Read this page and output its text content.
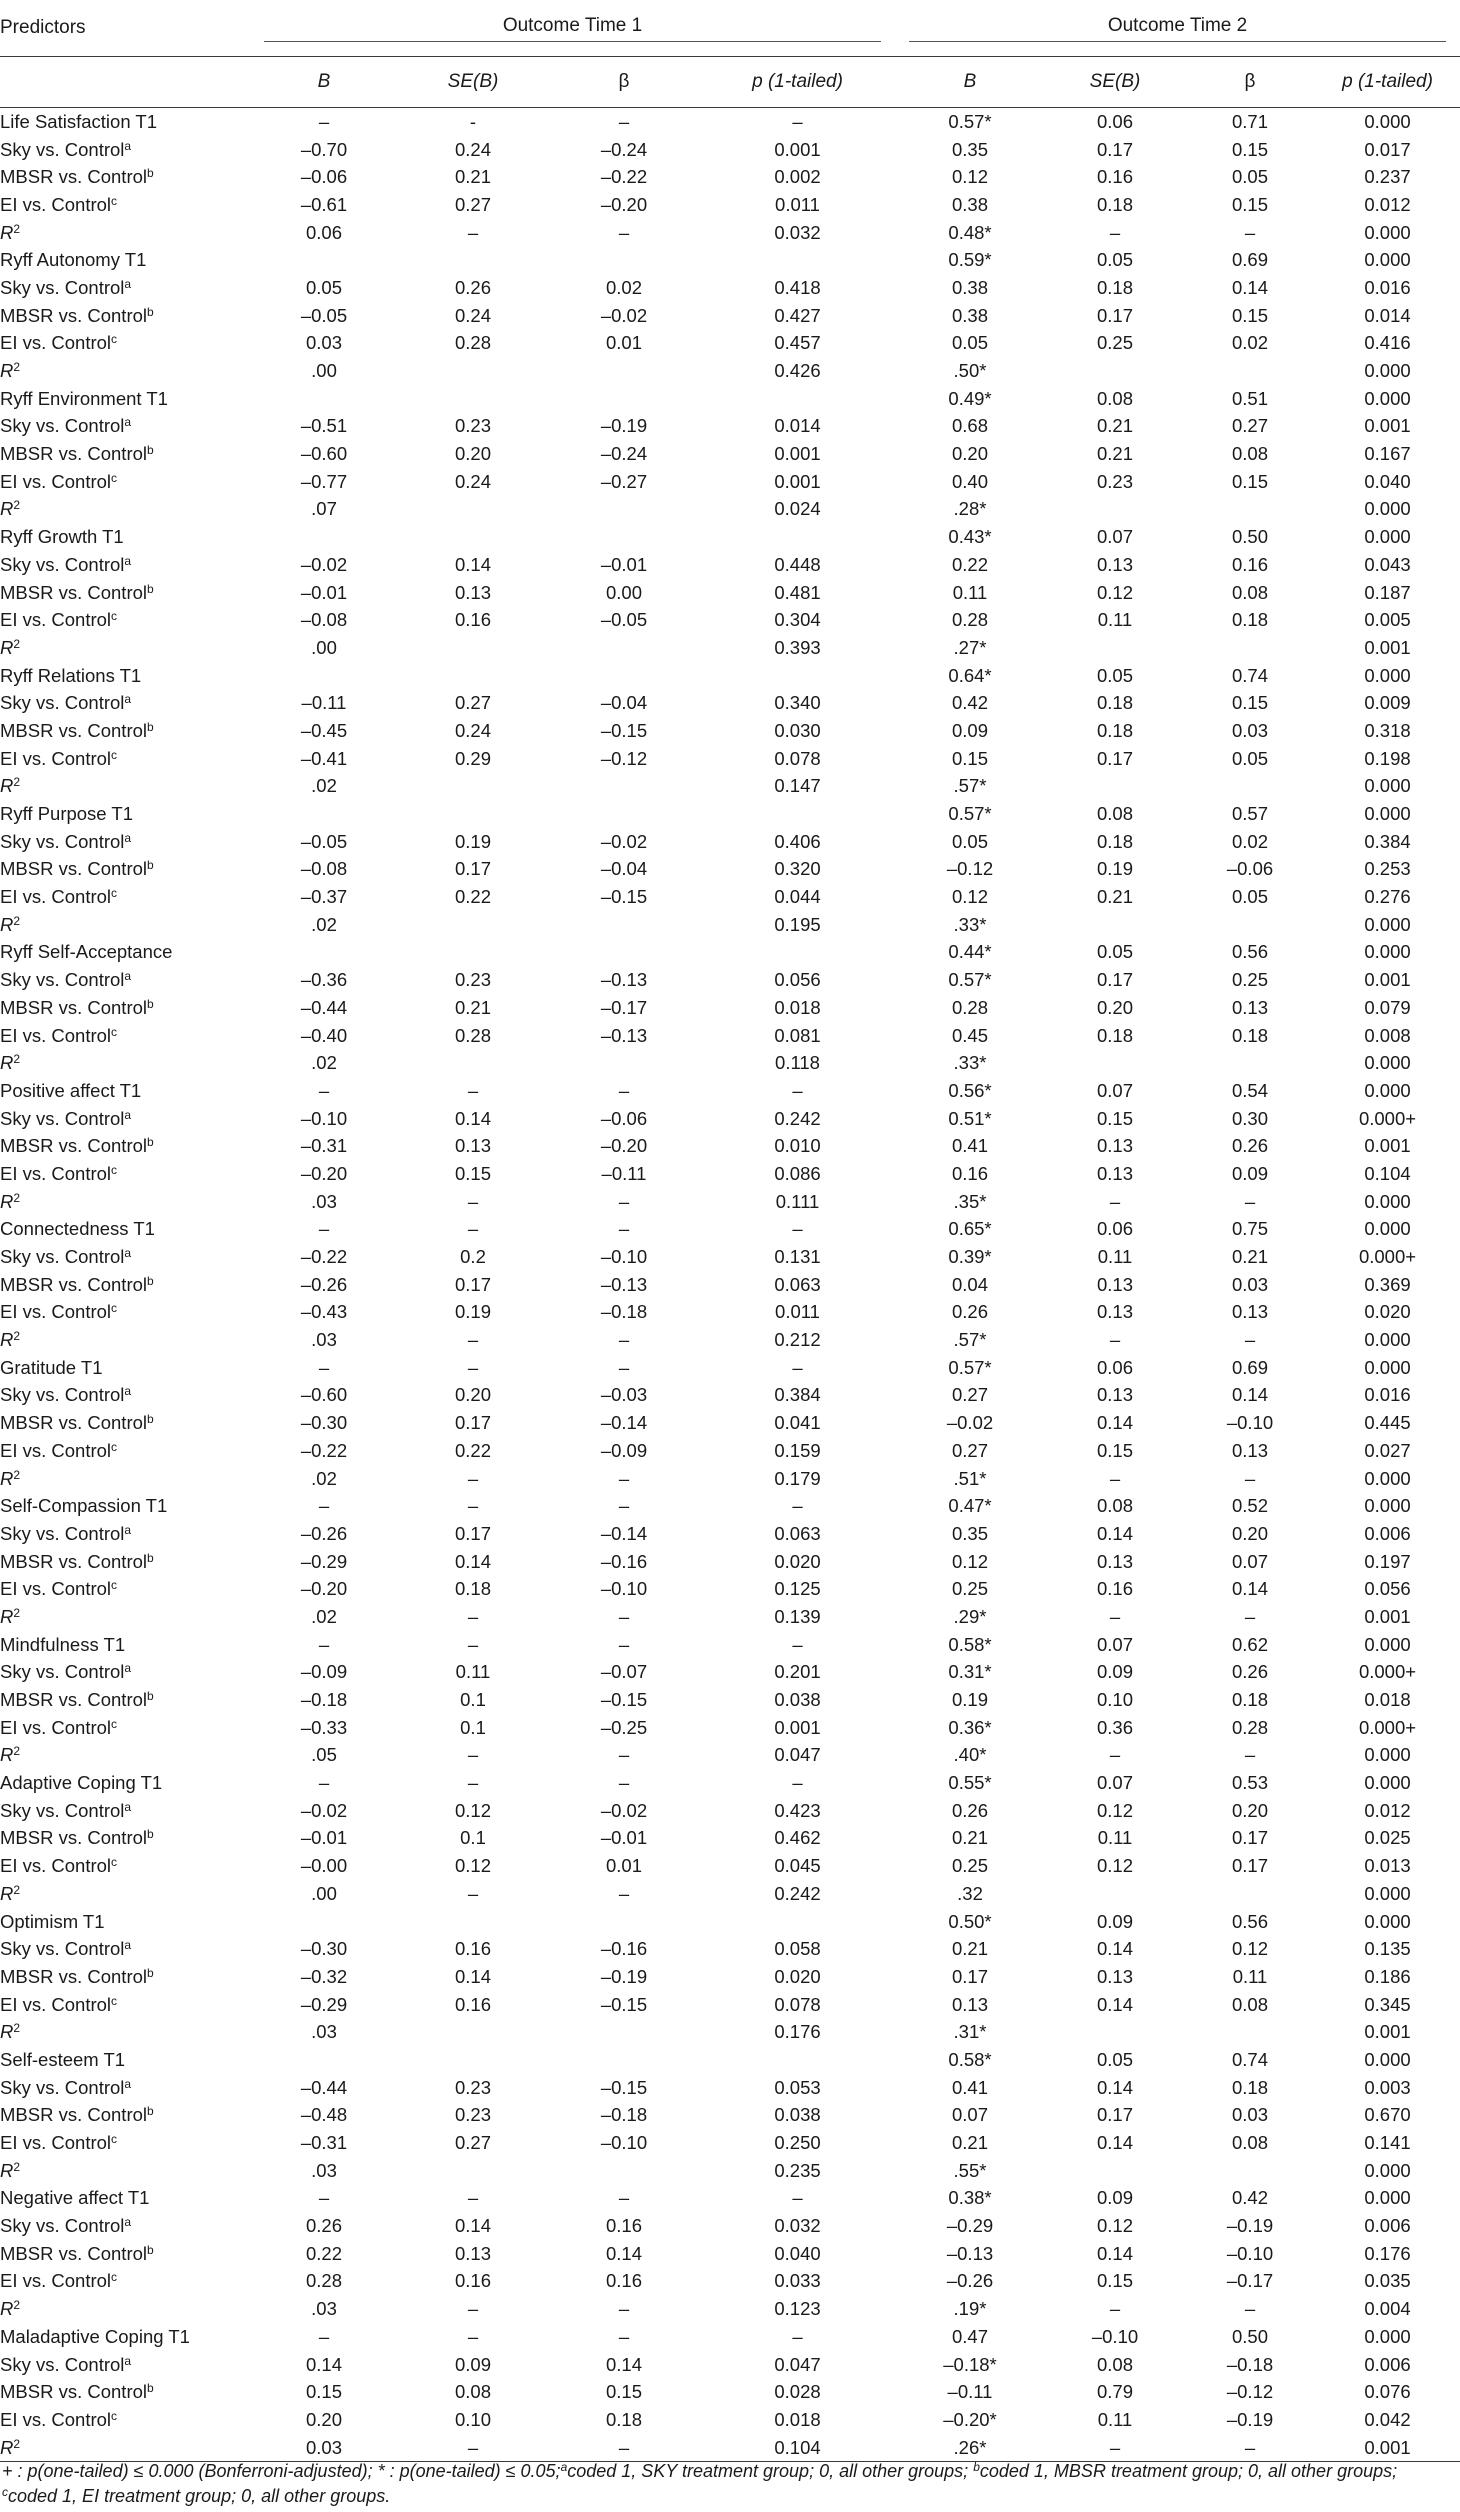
Predictors	Outcome Time 1				Outcome Time 2			

	B	SE(B)	β	p (1-tailed)	B	SE(B)	β	p (1-tailed)
Life Satisfaction T1	–	-	–	–	0.57*	0.06	0.71	0.000
Sky vs. Control$^a$	–0.70	0.24	–0.24	0.001	0.35	0.17	0.15	0.017
MBSR vs. Control$^b$	–0.06	0.21	–0.22	0.002	0.12	0.16	0.05	0.237
EI vs. Control$^c$	–0.61	0.27	–0.20	0.011	0.38	0.18	0.15	0.012
$R^2$	0.06	–	–	0.032	0.48*	–	–	0.000
Ryff Autonomy T1					0.59*	0.05	0.69	0.000
Sky vs. Control$^a$	0.05	0.26	0.02	0.418	0.38	0.18	0.14	0.016
MBSR vs. Control$^b$	–0.05	0.24	–0.02	0.427	0.38	0.17	0.15	0.014
EI vs. Control$^c$	0.03	0.28	0.01	0.457	0.05	0.25	0.02	0.416
$R^2$	.00			0.426	.50*			0.000
Ryff Environment T1					0.49*	0.08	0.51	0.000
Sky vs. Control$^a$	–0.51	0.23	–0.19	0.014	0.68	0.21	0.27	0.001
MBSR vs. Control$^b$	–0.60	0.20	–0.24	0.001	0.20	0.21	0.08	0.167
EI vs. Control$^c$	–0.77	0.24	–0.27	0.001	0.40	0.23	0.15	0.040
$R^2$	.07			0.024	.28*			0.000
Ryff Growth T1					0.43*	0.07	0.50	0.000
Sky vs. Control$^a$	–0.02	0.14	–0.01	0.448	0.22	0.13	0.16	0.043
MBSR vs. Control$^b$	–0.01	0.13	0.00	0.481	0.11	0.12	0.08	0.187
EI vs. Control$^c$	–0.08	0.16	–0.05	0.304	0.28	0.11	0.18	0.005
$R^2$	.00			0.393	.27*			0.001
Ryff Relations T1					0.64*	0.05	0.74	0.000
Sky vs. Control$^a$	–0.11	0.27	–0.04	0.340	0.42	0.18	0.15	0.009
MBSR vs. Control$^b$	–0.45	0.24	–0.15	0.030	0.09	0.18	0.03	0.318
EI vs. Control$^c$	–0.41	0.29	–0.12	0.078	0.15	0.17	0.05	0.198
$R^2$	.02			0.147	.57*			0.000
Ryff Purpose T1					0.57*	0.08	0.57	0.000
Sky vs. Control$^a$	–0.05	0.19	–0.02	0.406	0.05	0.18	0.02	0.384
MBSR vs. Control$^b$	–0.08	0.17	–0.04	0.320	–0.12	0.19	–0.06	0.253
EI vs. Control$^c$	–0.37	0.22	–0.15	0.044	0.12	0.21	0.05	0.276
$R^2$	.02			0.195	.33*			0.000
Ryff Self-Acceptance					0.44*	0.05	0.56	0.000
Sky vs. Control$^a$	–0.36	0.23	–0.13	0.056	0.57*	0.17	0.25	0.001
MBSR vs. Control$^b$	–0.44	0.21	–0.17	0.018	0.28	0.20	0.13	0.079
EI vs. Control$^c$	–0.40	0.28	–0.13	0.081	0.45	0.18	0.18	0.008
$R^2$	.02			0.118	.33*			0.000
Positive affect T1	–	–	–	–	0.56*	0.07	0.54	0.000
Sky vs. Control$^a$	–0.10	0.14	–0.06	0.242	0.51*	0.15	0.30	0.000+
MBSR vs. Control$^b$	–0.31	0.13	–0.20	0.010	0.41	0.13	0.26	0.001
EI vs. Control$^c$	–0.20	0.15	–0.11	0.086	0.16	0.13	0.09	0.104
$R^2$	.03	–	–	0.111	.35*	–	–	0.000
Connectedness T1	–	–	–	–	0.65*	0.06	0.75	0.000
Sky vs. Control$^a$	–0.22	0.2	–0.10	0.131	0.39*	0.11	0.21	0.000+
MBSR vs. Control$^b$	–0.26	0.17	–0.13	0.063	0.04	0.13	0.03	0.369
EI vs. Control$^c$	–0.43	0.19	–0.18	0.011	0.26	0.13	0.13	0.020
$R^2$	.03	–	–	0.212	.57*	–	–	0.000
Gratitude T1	–	–	–	–	0.57*	0.06	0.69	0.000
Sky vs. Control$^a$	–0.60	0.20	–0.03	0.384	0.27	0.13	0.14	0.016
MBSR vs. Control$^b$	–0.30	0.17	–0.14	0.041	–0.02	0.14	–0.10	0.445
EI vs. Control$^c$	–0.22	0.22	–0.09	0.159	0.27	0.15	0.13	0.027
$R^2$	.02	–	–	0.179	.51*	–	–	0.000
Self-Compassion T1	–	–	–	–	0.47*	0.08	0.52	0.000
Sky vs. Control$^a$	–0.26	0.17	–0.14	0.063	0.35	0.14	0.20	0.006
MBSR vs. Control$^b$	–0.29	0.14	–0.16	0.020	0.12	0.13	0.07	0.197
EI vs. Control$^c$	–0.20	0.18	–0.10	0.125	0.25	0.16	0.14	0.056
$R^2$	.02	–	–	0.139	.29*	–	–	0.001
Mindfulness T1	–	–	–	–	0.58*	0.07	0.62	0.000
Sky vs. Control$^a$	–0.09	0.11	–0.07	0.201	0.31*	0.09	0.26	0.000+
MBSR vs. Control$^b$	–0.18	0.1	–0.15	0.038	0.19	0.10	0.18	0.018
EI vs. Control$^c$	–0.33	0.1	–0.25	0.001	0.36*	0.36	0.28	0.000+
$R^2$	.05	–	–	0.047	.40*	–	–	0.000
Adaptive Coping T1	–	–	–	–	0.55*	0.07	0.53	0.000
Sky vs. Control$^a$	–0.02	0.12	–0.02	0.423	0.26	0.12	0.20	0.012
MBSR vs. Control$^b$	–0.01	0.1	–0.01	0.462	0.21	0.11	0.17	0.025
EI vs. Control$^c$	–0.00	0.12	0.01	0.045	0.25	0.12	0.17	0.013
$R^2$	.00	–	–	0.242	.32			0.000
Optimism T1					0.50*	0.09	0.56	0.000
Sky vs. Control$^a$	–0.30	0.16	–0.16	0.058	0.21	0.14	0.12	0.135
MBSR vs. Control$^b$	–0.32	0.14	–0.19	0.020	0.17	0.13	0.11	0.186
EI vs. Control$^c$	–0.29	0.16	–0.15	0.078	0.13	0.14	0.08	0.345
$R^2$	.03			0.176	.31*			0.001
Self-esteem T1					0.58*	0.05	0.74	0.000
Sky vs. Control$^a$	–0.44	0.23	–0.15	0.053	0.41	0.14	0.18	0.003
MBSR vs. Control$^b$	–0.48	0.23	–0.18	0.038	0.07	0.17	0.03	0.670
EI vs. Control$^c$	–0.31	0.27	–0.10	0.250	0.21	0.14	0.08	0.141
$R^2$	.03			0.235	.55*			0.000
Negative affect T1	–	–	–	–	0.38*	0.09	0.42	0.000
Sky vs. Control$^a$	0.26	0.14	0.16	0.032	–0.29	0.12	–0.19	0.006
MBSR vs. Control$^b$	0.22	0.13	0.14	0.040	–0.13	0.14	–0.10	0.176
EI vs. Control$^c$	0.28	0.16	0.16	0.033	–0.26	0.15	–0.17	0.035
$R^2$	.03	–	–	0.123	.19*	–	–	0.004
Maladaptive Coping T1	–	–	–	–	0.47	–0.10	0.50	0.000
Sky vs. Control$^a$	0.14	0.09	0.14	0.047	–0.18*	0.08	–0.18	0.006
MBSR vs. Control$^b$	0.15	0.08	0.15	0.028	–0.11	0.79	–0.12	0.076
EI vs. Control$^c$	0.20	0.10	0.18	0.018	–0.20*	0.11	–0.19	0.042
$R^2$	0.03	–	–	0.104	.26*	–	–	0.001
+ : p(one-tailed) ≤ 0.000 (Bonferroni-adjusted); * : p(one-tailed) ≤ 0.05;$^a$coded 1, SKY treatment group; 0, all other groups; $^b$coded 1, MBSR treatment group; 0, all other groups; $^c$coded 1, EI treatment group; 0, all other groups.
